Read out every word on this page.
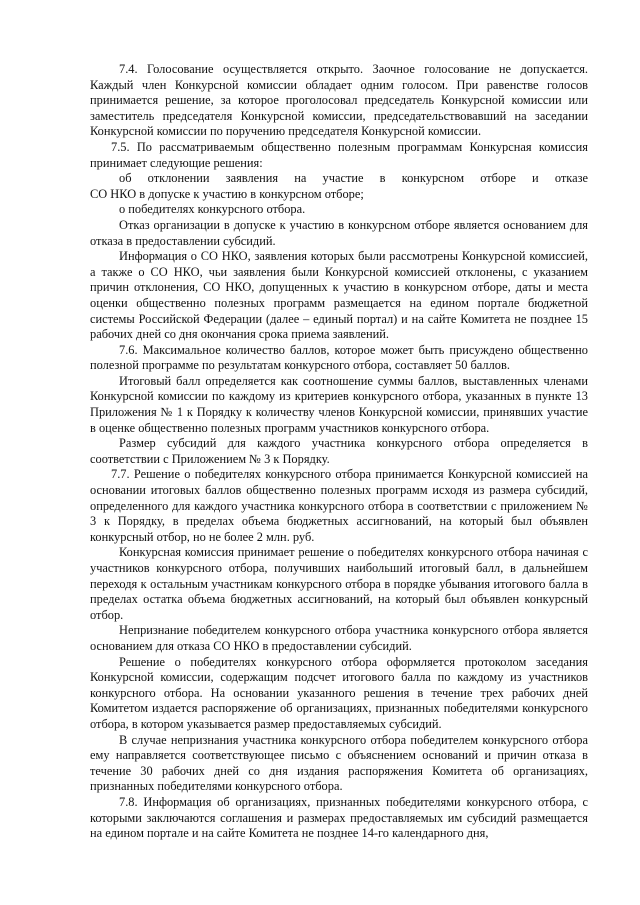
7.4. Голосование осуществляется открыто. Заочное голосование не допускается. Каждый член Конкурсной комиссии обладает одним голосом. При равенстве голосов принимается решение, за которое проголосовал председатель Конкурсной комиссии или заместитель председателя Конкурсной комиссии, председательствовавший на заседании Конкурсной комиссии по поручению председателя Конкурсной комиссии.

7.5. По рассматриваемым общественно полезным программам Конкурсная комиссия принимает следующие решения:

об отклонении заявления на участие в конкурсном отборе и отказе

СО НКО в допуске к участию в конкурсном отборе;

о победителях конкурсного отбора.

Отказ организации в допуске к участию в конкурсном отборе является основанием для отказа в предоставлении субсидий.

Информация о СО НКО, заявления которых были рассмотрены Конкурсной комиссией, а также о СО НКО, чьи заявления были Конкурсной комиссией отклонены, с указанием причин отклонения, СО НКО, допущенных к участию в конкурсном отборе, даты и места оценки общественно полезных программ размещается на едином портале бюджетной системы Российской Федерации (далее – единый портал) и на сайте Комитета не позднее 15 рабочих дней со дня окончания срока приема заявлений.

7.6. Максимальное количество баллов, которое может быть присуждено общественно полезной программе по результатам конкурсного отбора, составляет 50 баллов.

Итоговый балл определяется как соотношение суммы баллов, выставленных членами Конкурсной комиссии по каждому из критериев конкурсного отбора, указанных в пункте 13 Приложения № 1 к Порядку к количеству членов Конкурсной комиссии, принявших участие в оценке общественно полезных программ участников конкурсного отбора.

Размер субсидий для каждого участника конкурсного отбора определяется в соответствии с Приложением № 3 к Порядку.

7.7. Решение о победителях конкурсного отбора принимается Конкурсной комиссией на основании итоговых баллов общественно полезных программ исходя из размера субсидий, определенного для каждого участника конкурсного отбора в соответствии с приложением № 3 к Порядку, в пределах объема бюджетных ассигнований, на который был объявлен конкурсный отбор, но не более 2 млн. руб.

Конкурсная комиссия принимает решение о победителях конкурсного отбора начиная с участников конкурсного отбора, получивших наибольший итоговый балл, в дальнейшем переходя к остальным участникам конкурсного отбора в порядке убывания итогового балла в пределах остатка объема бюджетных ассигнований, на который был объявлен конкурсный отбор.

Непризнание победителем конкурсного отбора участника конкурсного отбора является основанием для отказа СО НКО в предоставлении субсидий.

Решение о победителях конкурсного отбора оформляется протоколом заседания Конкурсной комиссии, содержащим подсчет итогового балла по каждому из участников конкурсного отбора. На основании указанного решения в течение трех рабочих дней Комитетом издается распоряжение об организациях, признанных победителями конкурсного отбора, в котором указывается размер предоставляемых субсидий.

В случае непризнания участника конкурсного отбора победителем конкурсного отбора ему направляется соответствующее письмо с объяснением оснований и причин отказа в течение 30 рабочих дней со дня издания распоряжения Комитета об организациях, признанных победителями конкурсного отбора.

7.8. Информация об организациях, признанных победителями конкурсного отбора, с которыми заключаются соглашения и размерах предоставляемых им субсидий размещается на едином портале и на сайте Комитета не позднее 14-го календарного дня,
